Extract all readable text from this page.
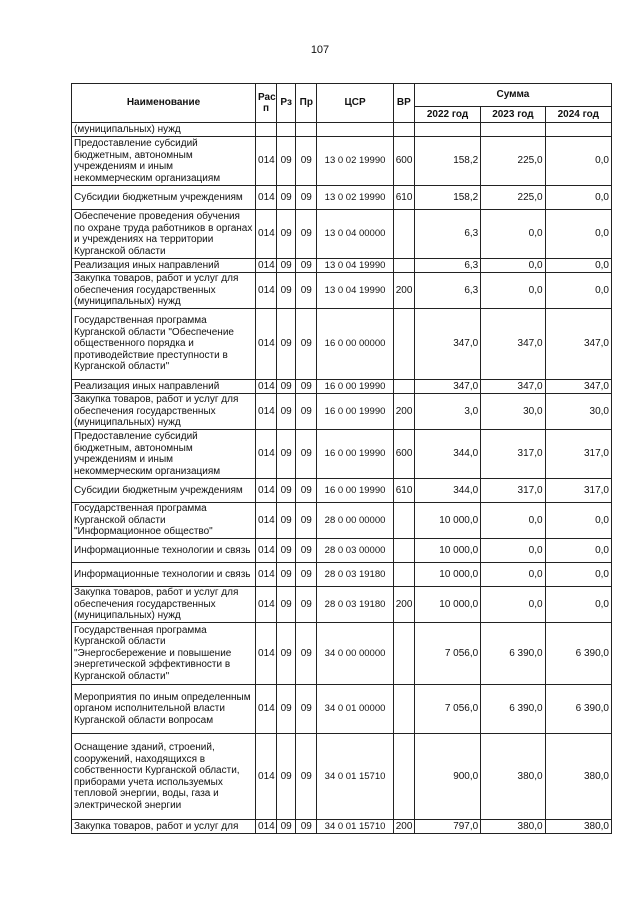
107
Наименование	Рас п	Рз	Пр	ЦСР	ВР	Сумма		
						2022 год	2023 год	2024 год
(муниципальных) нужд								
Предоставление субсидий бюджетным, автономным учреждениям и иным некоммерческим организациям	014	09	09	13 0 02 19990	600	158,2	225,0	0,0
Субсидии бюджетным учреждениям	014	09	09	13 0 02 19990	610	158,2	225,0	0,0
Обеспечение проведения обучения по охране труда работников в органах и учреждениях на территории Курганской области	014	09	09	13 0 04 00000		6,3	0,0	0,0
Реализация иных направлений	014	09	09	13 0 04 19990		6,3	0,0	0,0
Закупка товаров, работ и услуг для обеспечения государственных (муниципальных) нужд	014	09	09	13 0 04 19990	200	6,3	0,0	0,0
Государственная программа Курганской области "Обеспечение общественного порядка и противодействие преступности в Курганской области"	014	09	09	16 0 00 00000		347,0	347,0	347,0
Реализация иных направлений	014	09	09	16 0 00 19990		347,0	347,0	347,0
Закупка товаров, работ и услуг для обеспечения государственных (муниципальных) нужд	014	09	09	16 0 00 19990	200	3,0	30,0	30,0
Предоставление субсидий бюджетным, автономным учреждениям и иным некоммерческим организациям	014	09	09	16 0 00 19990	600	344,0	317,0	317,0
Субсидии бюджетным учреждениям	014	09	09	16 0 00 19990	610	344,0	317,0	317,0
Государственная программа Курганской области "Информационное общество"	014	09	09	28 0 00 00000		10 000,0	0,0	0,0
Информационные технологии и связь	014	09	09	28 0 03 00000		10 000,0	0,0	0,0
Информационные технологии и связь	014	09	09	28 0 03 19180		10 000,0	0,0	0,0
Закупка товаров, работ и услуг для обеспечения государственных (муниципальных) нужд	014	09	09	28 0 03 19180	200	10 000,0	0,0	0,0
Государственная программа Курганской области "Энергосбережение и повышение энергетической эффективности в Курганской области"	014	09	09	34 0 00 00000		7 056,0	6 390,0	6 390,0
Мероприятия по иным определенным органом исполнительной власти Курганской области вопросам	014	09	09	34 0 01 00000		7 056,0	6 390,0	6 390,0
Оснащение зданий, строений, сооружений, находящихся в собственности Курганской области, приборами учета используемых тепловой энергии, воды, газа и электрической энергии	014	09	09	34 0 01 15710		900,0	380,0	380,0
Закупка товаров, работ и услуг для	014	09	09	34 0 01 15710	200	797,0	380,0	380,0
